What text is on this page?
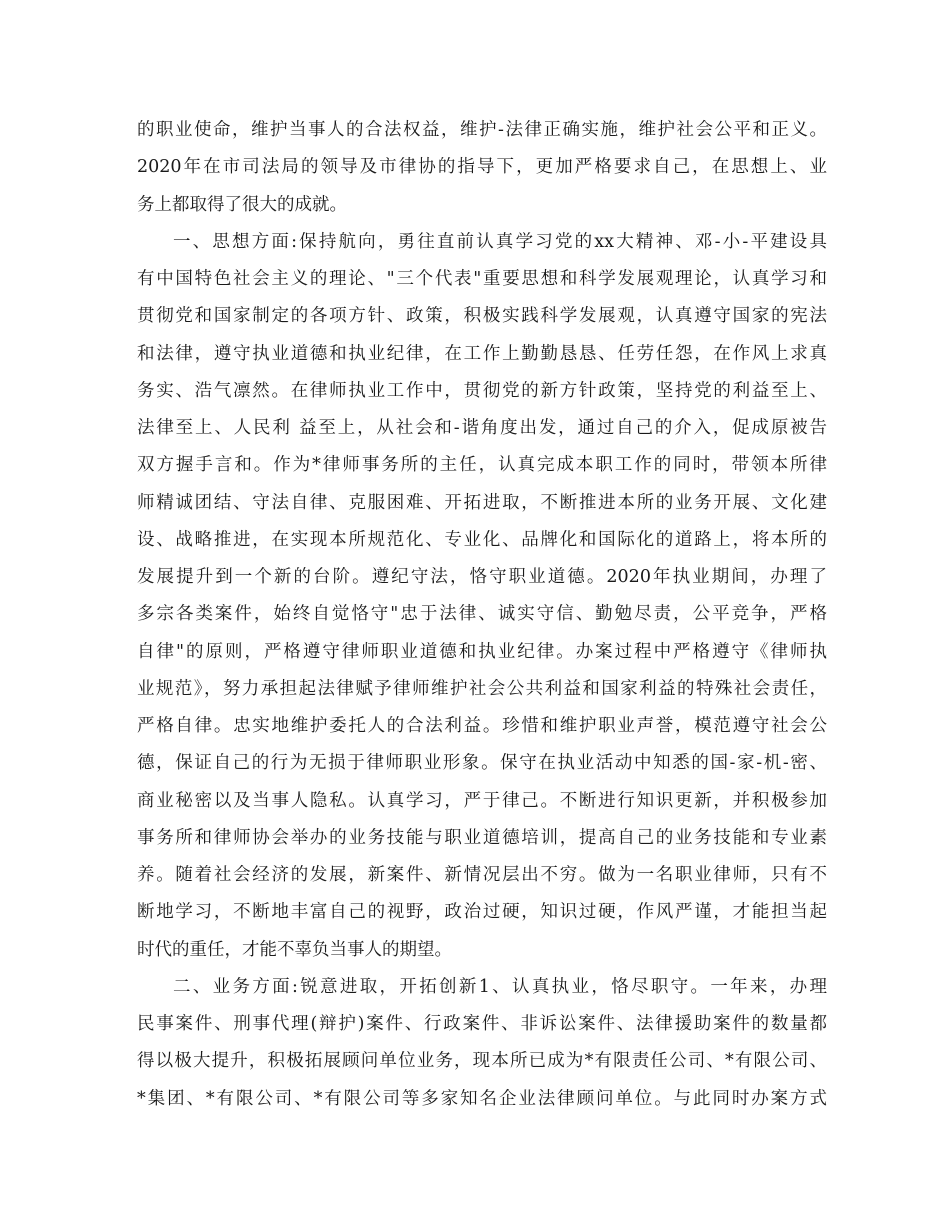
的职业使命，维护当事人的合法权益，维护-法律正确实施，维护社会公平和正义。
2020年在市司法局的领导及市律协的指导下，更加严格要求自己，在思想上、业
务上都取得了很大的成就。
一、思想方面:保持航向，勇往直前认真学习党的xx大精神、邓-小-平建设具
有中国特色社会主义的理论、"三个代表"重要思想和科学发展观理论，认真学习和
贯彻党和国家制定的各项方针、政策，积极实践科学发展观，认真遵守国家的宪法
和法律，遵守执业道德和执业纪律，在工作上勤勤恳恳、任劳任怨，在作风上求真
务实、浩气凛然。在律师执业工作中，贯彻党的新方针政策，坚持党的利益至上、
法律至上、人民利 益至上，从社会和-谐角度出发，通过自己的介入，促成原被告
双方握手言和。作为*律师事务所的主任，认真完成本职工作的同时，带领本所律
师精诚团结、守法自律、克服困难、开拓进取，不断推进本所的业务开展、文化建
设、战略推进，在实现本所规范化、专业化、品牌化和国际化的道路上，将本所的
发展提升到一个新的台阶。遵纪守法，恪守职业道德。2020年执业期间，办理了
多宗各类案件，始终自觉恪守"忠于法律、诚实守信、勤勉尽责，公平竞争，严格
自律"的原则，严格遵守律师职业道德和执业纪律。办案过程中严格遵守《律师执
业规范》，努力承担起法律赋予律师维护社会公共利益和国家利益的特殊社会责任，
严格自律。忠实地维护委托人的合法利益。珍惜和维护职业声誉，模范遵守社会公
德，保证自己的行为无损于律师职业形象。保守在执业活动中知悉的国-家-机-密、
商业秘密以及当事人隐私。认真学习，严于律己。不断进行知识更新，并积极参加
事务所和律师协会举办的业务技能与职业道德培训，提高自己的业务技能和专业素
养。随着社会经济的发展，新案件、新情况层出不穷。做为一名职业律师，只有不
断地学习，不断地丰富自己的视野，政治过硬，知识过硬，作风严谨，才能担当起
时代的重任，才能不辜负当事人的期望。
二、业务方面:锐意进取，开拓创新1、认真执业，恪尽职守。一年来，办理
民事案件、刑事代理(辩护)案件、行政案件、非诉讼案件、法律援助案件的数量都
得以极大提升，积极拓展顾问单位业务，现本所已成为*有限责任公司、*有限公司、
*集团、*有限公司、*有限公司等多家知名企业法律顾问单位。与此同时办案方式
